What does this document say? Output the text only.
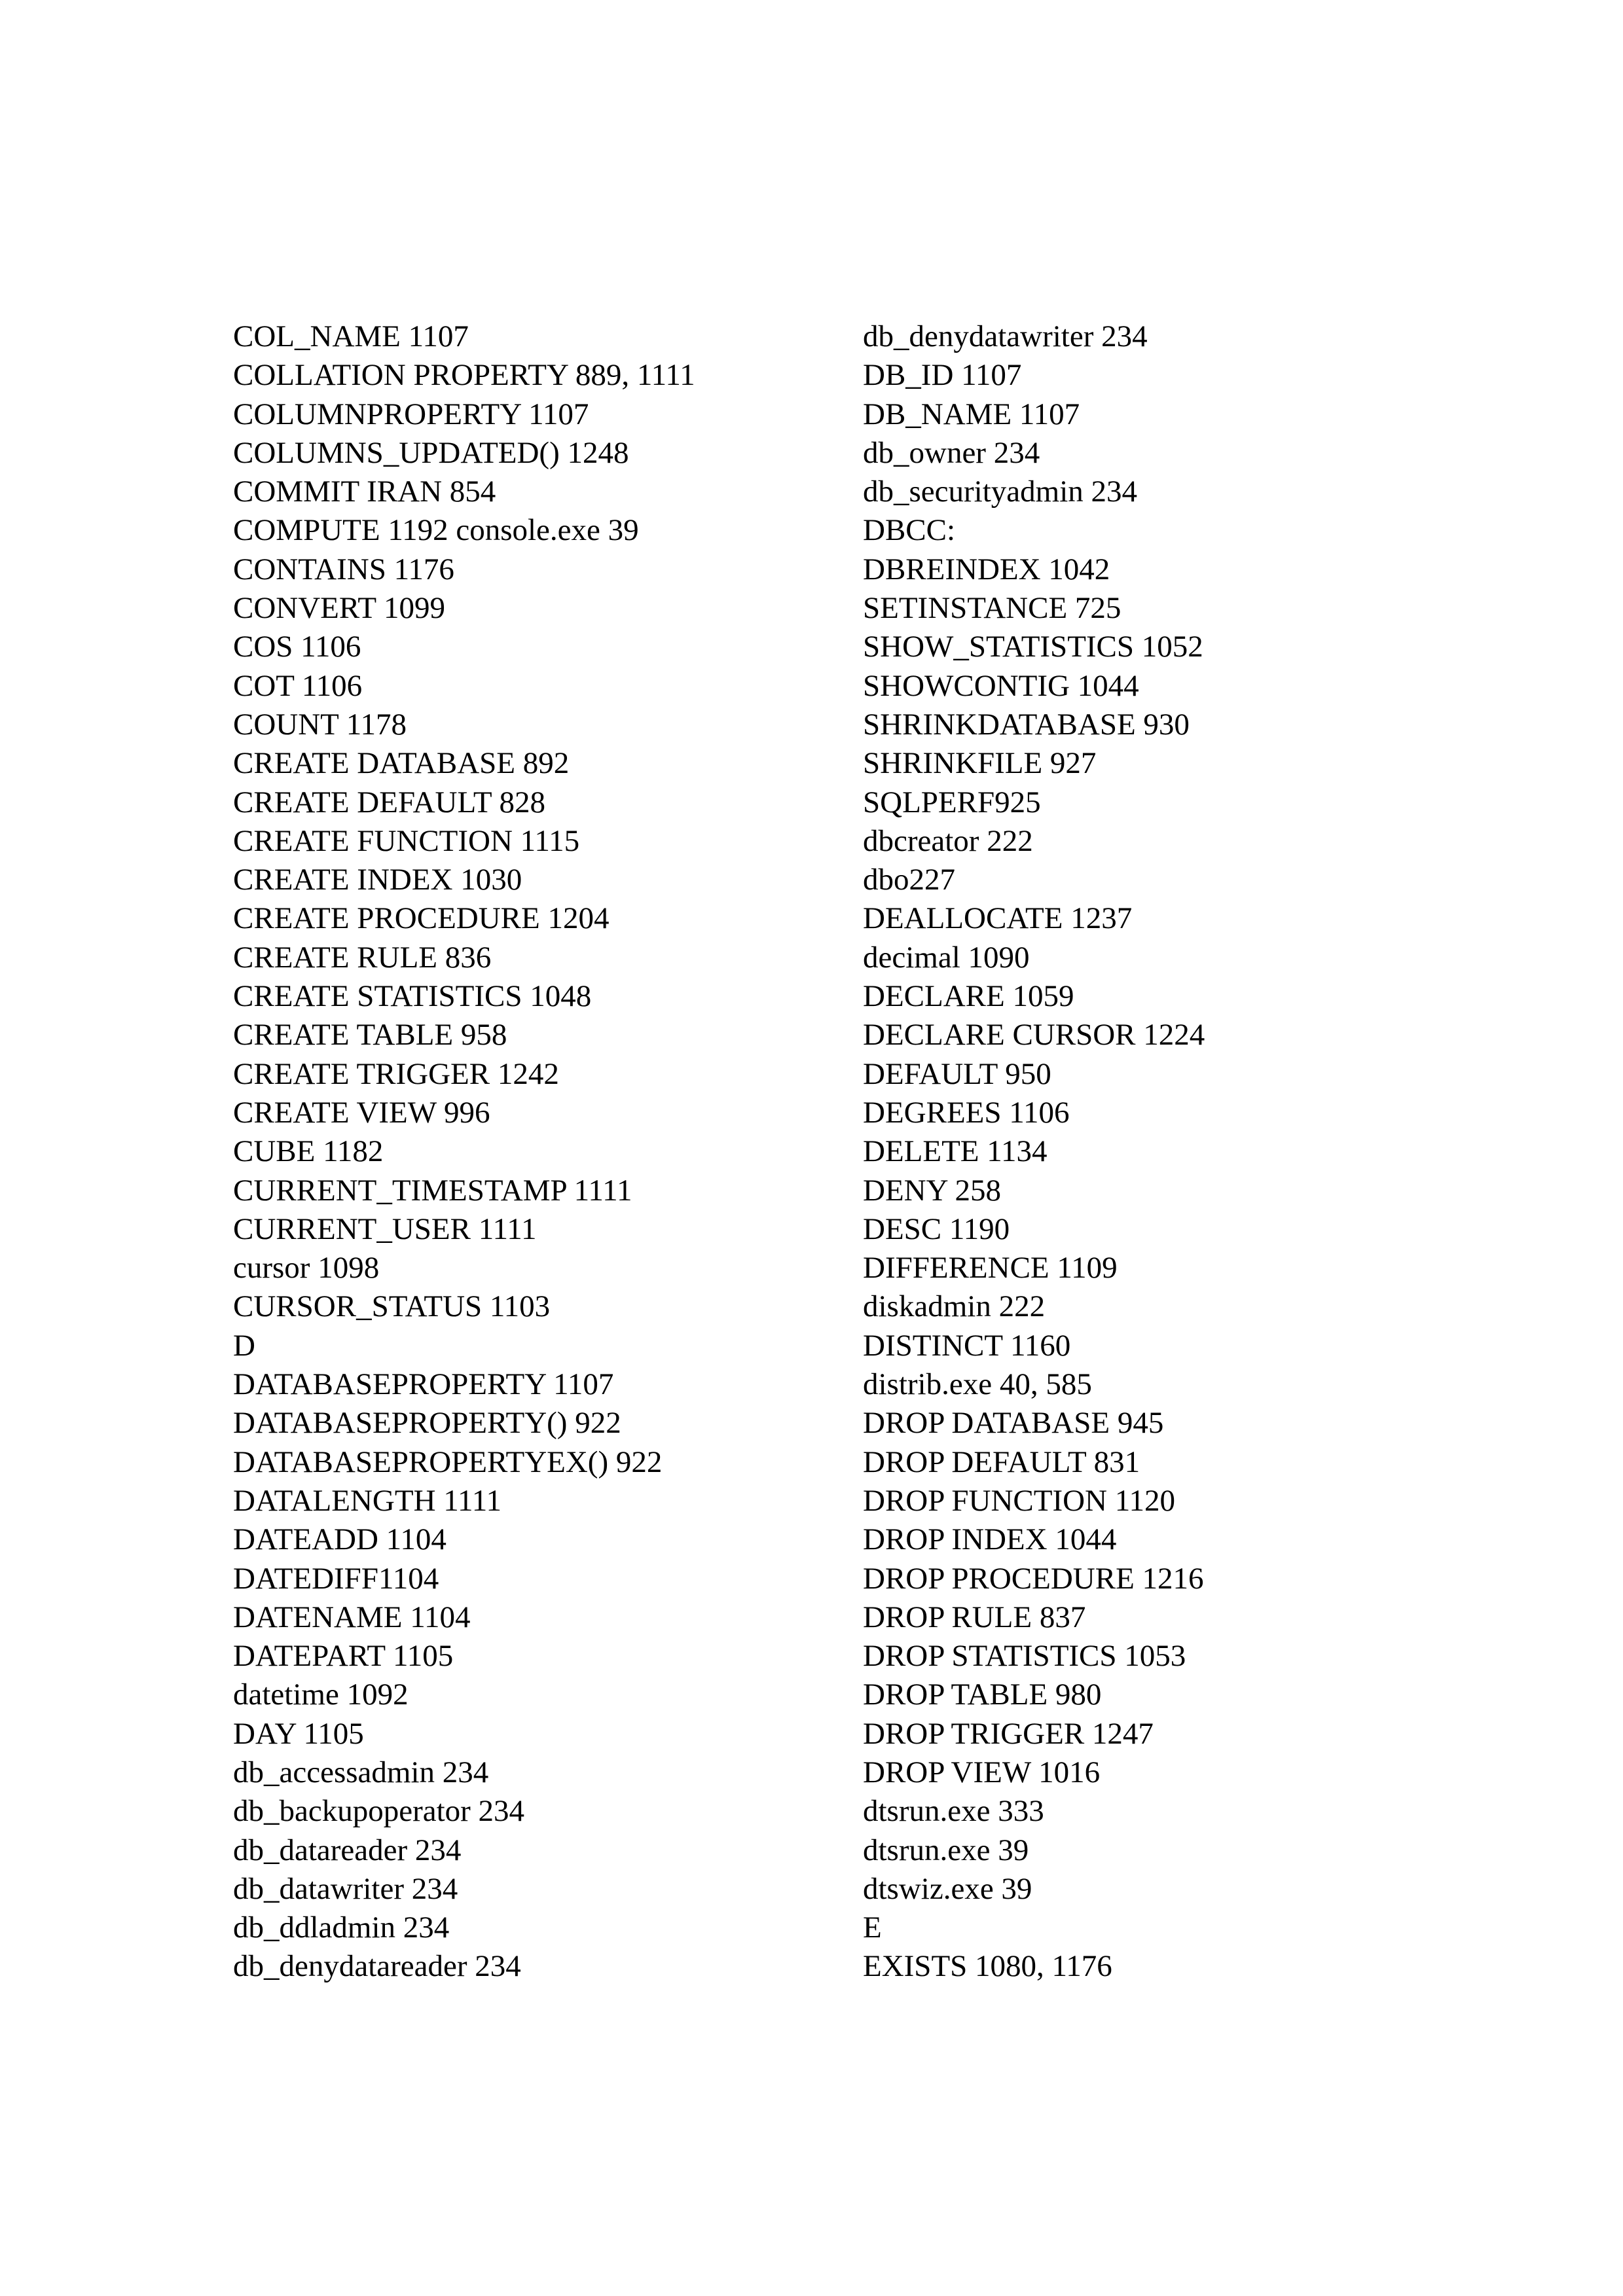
COL_NAME 1107
COLLATION PROPERTY 889, 1111
COLUMNPROPERTY 1107
COLUMNS_UPDATED() 1248
COMMIT IRAN 854
COMPUTE 1192 console.exe 39
CONTAINS 1176
CONVERT 1099
COS 1106
COT 1106
COUNT 1178
CREATE DATABASE 892
CREATE DEFAULT 828
CREATE FUNCTION 1115
CREATE INDEX 1030
CREATE PROCEDURE 1204
CREATE RULE 836
CREATE STATISTICS 1048
CREATE TABLE 958
CREATE TRIGGER 1242
CREATE VIEW 996
CUBE 1182
CURRENT_TIMESTAMP 1111
CURRENT_USER 1111
cursor 1098
CURSOR_STATUS 1103
D
DATABASEPROPERTY 1107
DATABASEPROPERTY() 922
DATABASEPROPERTYEX() 922
DATALENGTH 1111
DATEADD 1104
DATEDIFF1104
DATENAME 1104
DATEPART 1105
datetime 1092
DAY 1105
db_accessadmin 234
db_backupoperator 234
db_datareader 234
db_datawriter 234
db_ddladmin 234
db_denydatareader 234
db_denydatawriter 234
DB_ID 1107
DB_NAME 1107
db_owner 234
db_securityadmin 234
DBCC:
DBREINDEX 1042
SETINSTANCE 725
SHOW_STATISTICS 1052
SHOWCONTIG 1044
SHRINKDATABASE 930
SHRINKFILE 927
SQLPERF925
dbcreator 222
dbo227
DEALLOCATE 1237
decimal 1090
DECLARE 1059
DECLARE CURSOR 1224
DEFAULT 950
DEGREES 1106
DELETE 1134
DENY 258
DESC 1190
DIFFERENCE 1109
diskadmin 222
DISTINCT 1160
distrib.exe 40, 585
DROP DATABASE 945
DROP DEFAULT 831
DROP FUNCTION 1120
DROP INDEX 1044
DROP PROCEDURE 1216
DROP RULE 837
DROP STATISTICS 1053
DROP TABLE 980
DROP TRIGGER 1247
DROP VIEW 1016
dtsrun.exe 333
dtsrun.exe 39
dtswiz.exe 39
E
EXISTS 1080, 1176
